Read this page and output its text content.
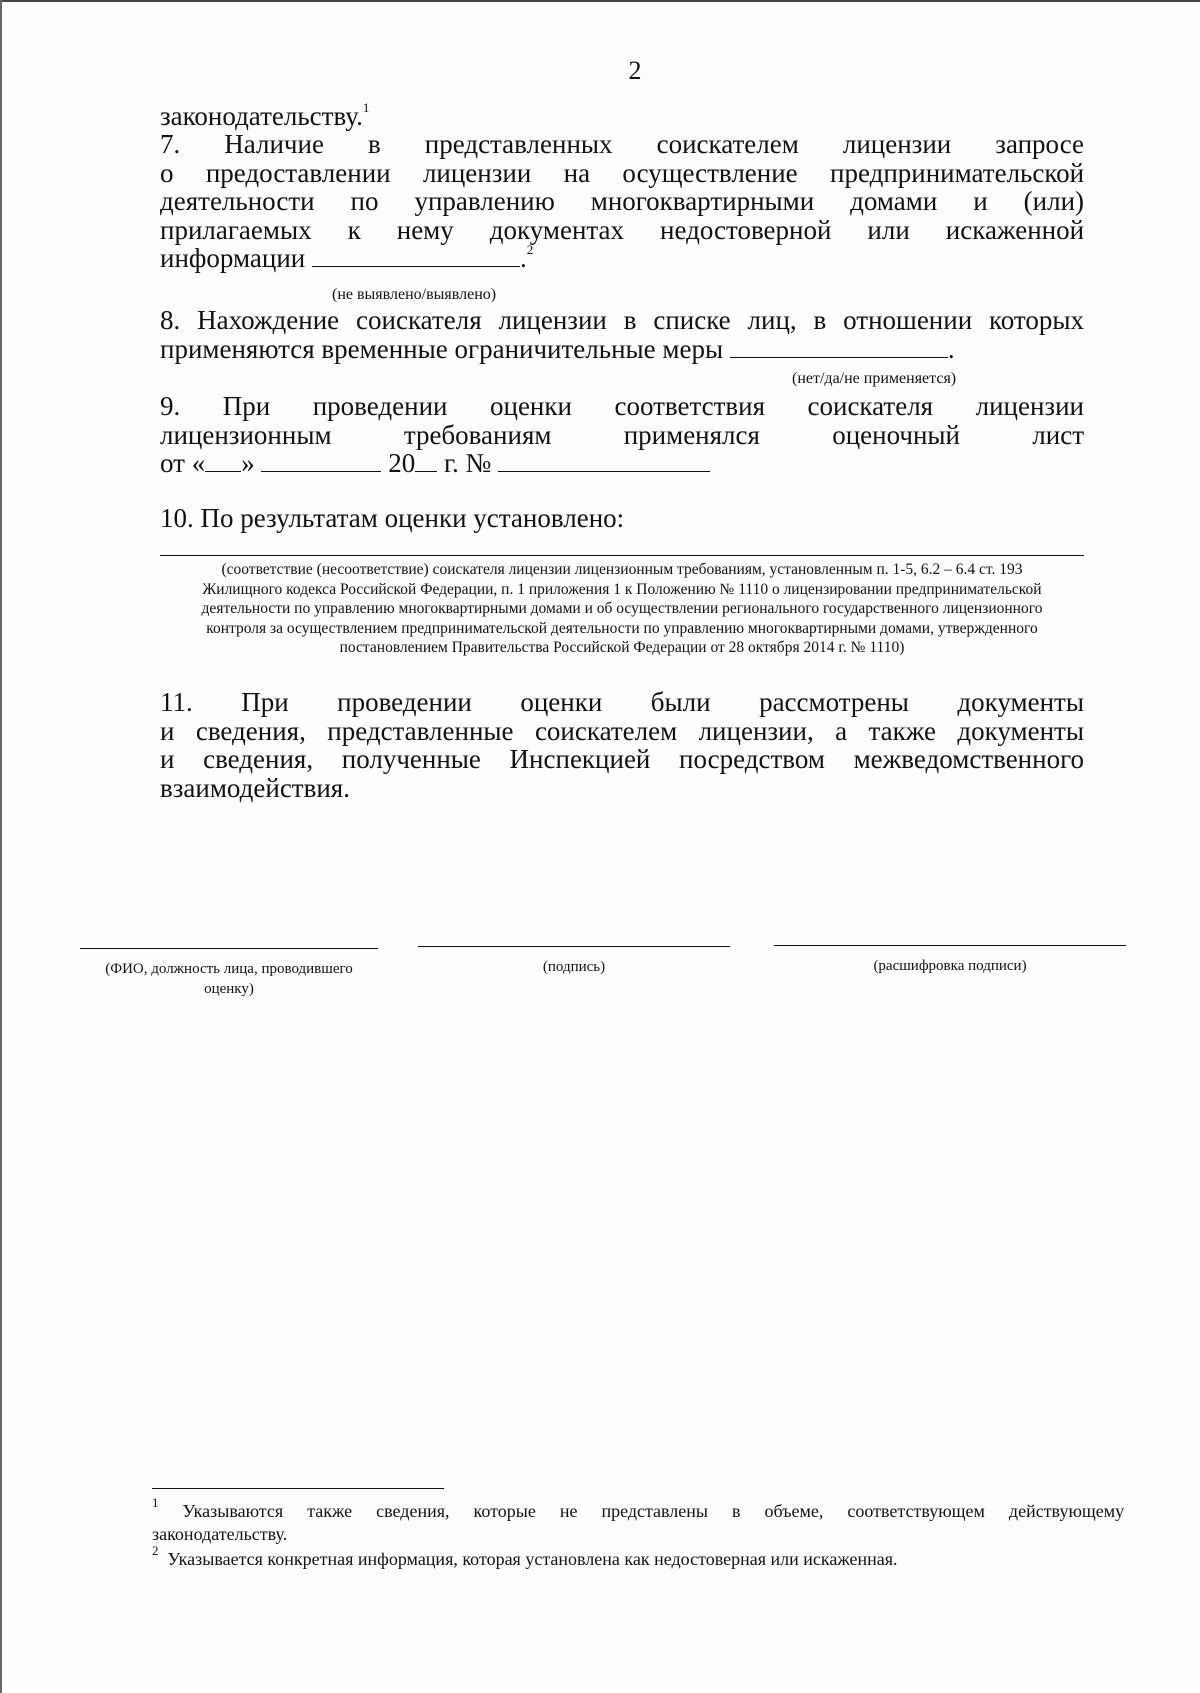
2
законодательству.$^1$
7. Наличие в представленных соискателем лицензии запросе
о предоставлении лицензии на осуществление предпринимательской
деятельности по управлению многоквартирными домами и (или)
прилагаемых к нему документах недостоверной или искаженной
информации	.$^2$
(не выявлено/выявлено)
8. Нахождение соискателя лицензии в списке лиц, в отношении которых
применяются временные ограничительные меры	.
(нет/да/не применяется)
9. При проведении оценки соответствия соискателя лицензии
лицензионным	требованиям	применялся	оценочный	лист
от « »	20 г. №
10. По результатам оценки установлено:
(соответствие (несоответствие) соискателя лицензии лицензионным требованиям, установленным п. 1-5, 6.2 – 6.4 ст. 193
Жилищного кодекса Российской Федерации, п. 1 приложения 1 к Положению № 1110 о лицензировании предпринимательской
деятельности по управлению многоквартирными домами и об осуществлении регионального государственного лицензионного
контроля за осуществлением предпринимательской деятельности по управлению многоквартирными домами, утвержденного
постановлением Правительства Российской Федерации от 28 октября 2014 г. № 1110)
11. При проведении оценки были рассмотрены документы
и сведения, представленные соискателем лицензии, а также документы
и сведения, полученные Инспекцией посредством межведомственного
взаимодействия.
(ФИО, должность лица, проводившего
оценку)
(подпись)	(расшифровка подписи)
$^1$ Указываются также сведения, которые не представлены в объеме, соответствующем действующему
законодательству.
$^2$ Указывается конкретная информация, которая установлена как недостоверная или искаженная.
